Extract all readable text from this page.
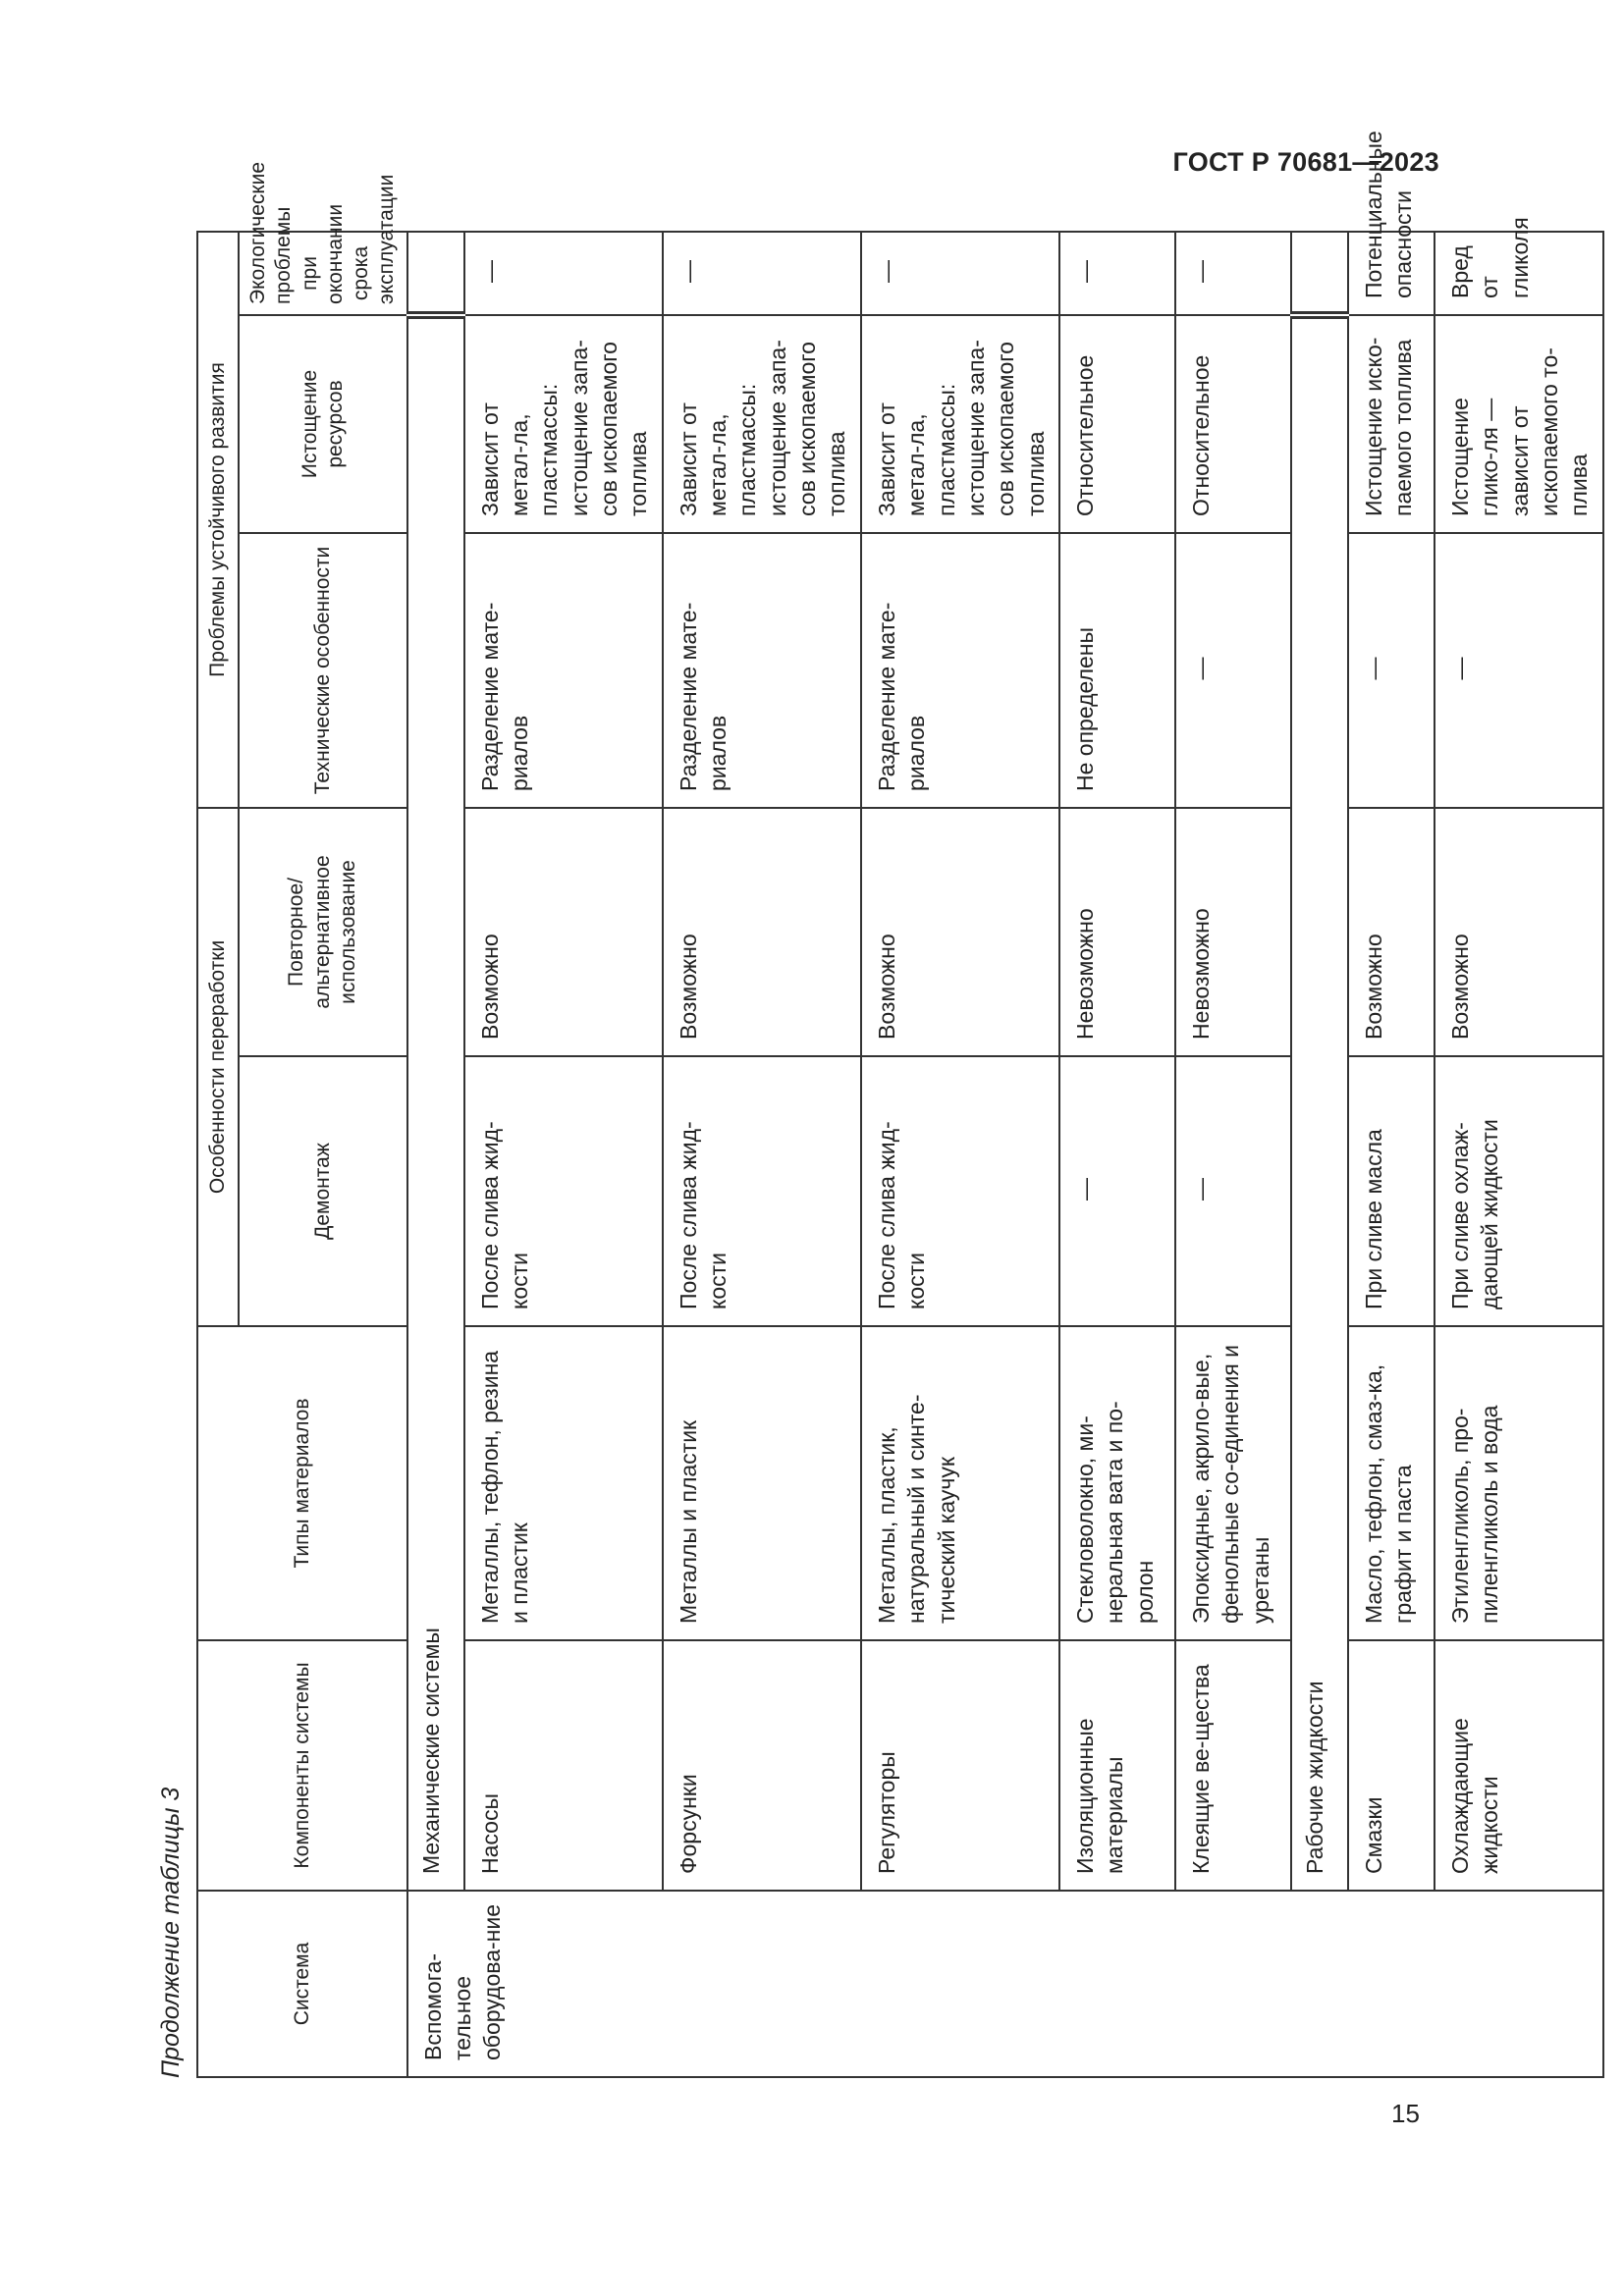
ГОСТ Р 70681—2023
15
Продолжение таблицы 3	Система	Компоненты системы	Типы материалов	Особенности переработки		Проблемы устойчивого развития		
			Демонтаж	Повторное/ альтернативное использование	Технические особенности	Истощение ресурсов	Экологические проблемы при окончании срока эксплуатации
Вспомога-тельное оборудова-ние	Механические системы						
	Насосы	Металлы, тефлон, резина и пластик	После слива жид-кости	Возможно	Разделение мате-риалов	Зависит от метал-ла, пластмассы: истощение запа-сов ископаемого топлива	—
	Форсунки	Металлы и пластик	После слива жид-кости	Возможно	Разделение мате-риалов	Зависит от метал-ла, пластмассы: истощение запа-сов ископаемого топлива	—
	Регуляторы	Металлы, пластик, натуральный и синте-тический каучук	После слива жид-кости	Возможно	Разделение мате-риалов	Зависит от метал-ла, пластмассы: истощение запа-сов ископаемого топлива	—
	Изоляционные материалы	Стекловолокно, ми-неральная вата и по-ролон	—	Невозможно	Не определены	Относительное	—
	Клеящие ве-щества	Эпоксидные, акрило-вые, фенольные со-единения и уретаны	—	Невозможно	—	Относительное	—
	Рабочие жидкости						
	Смазки	Масло, тефлон, смаз-ка, графит и паста	При сливе масла	Возможно	—	Истощение иско-паемого топлива	Потенциальные опасности
	Охлаждающие жидкости	Этиленгликоль, про-пиленгликоль и вода	При сливе охлаж-дающей жидкости	Возможно	—	Истощение глико-ля — зависит от ископаемого то-плива	Вред от гликоля
